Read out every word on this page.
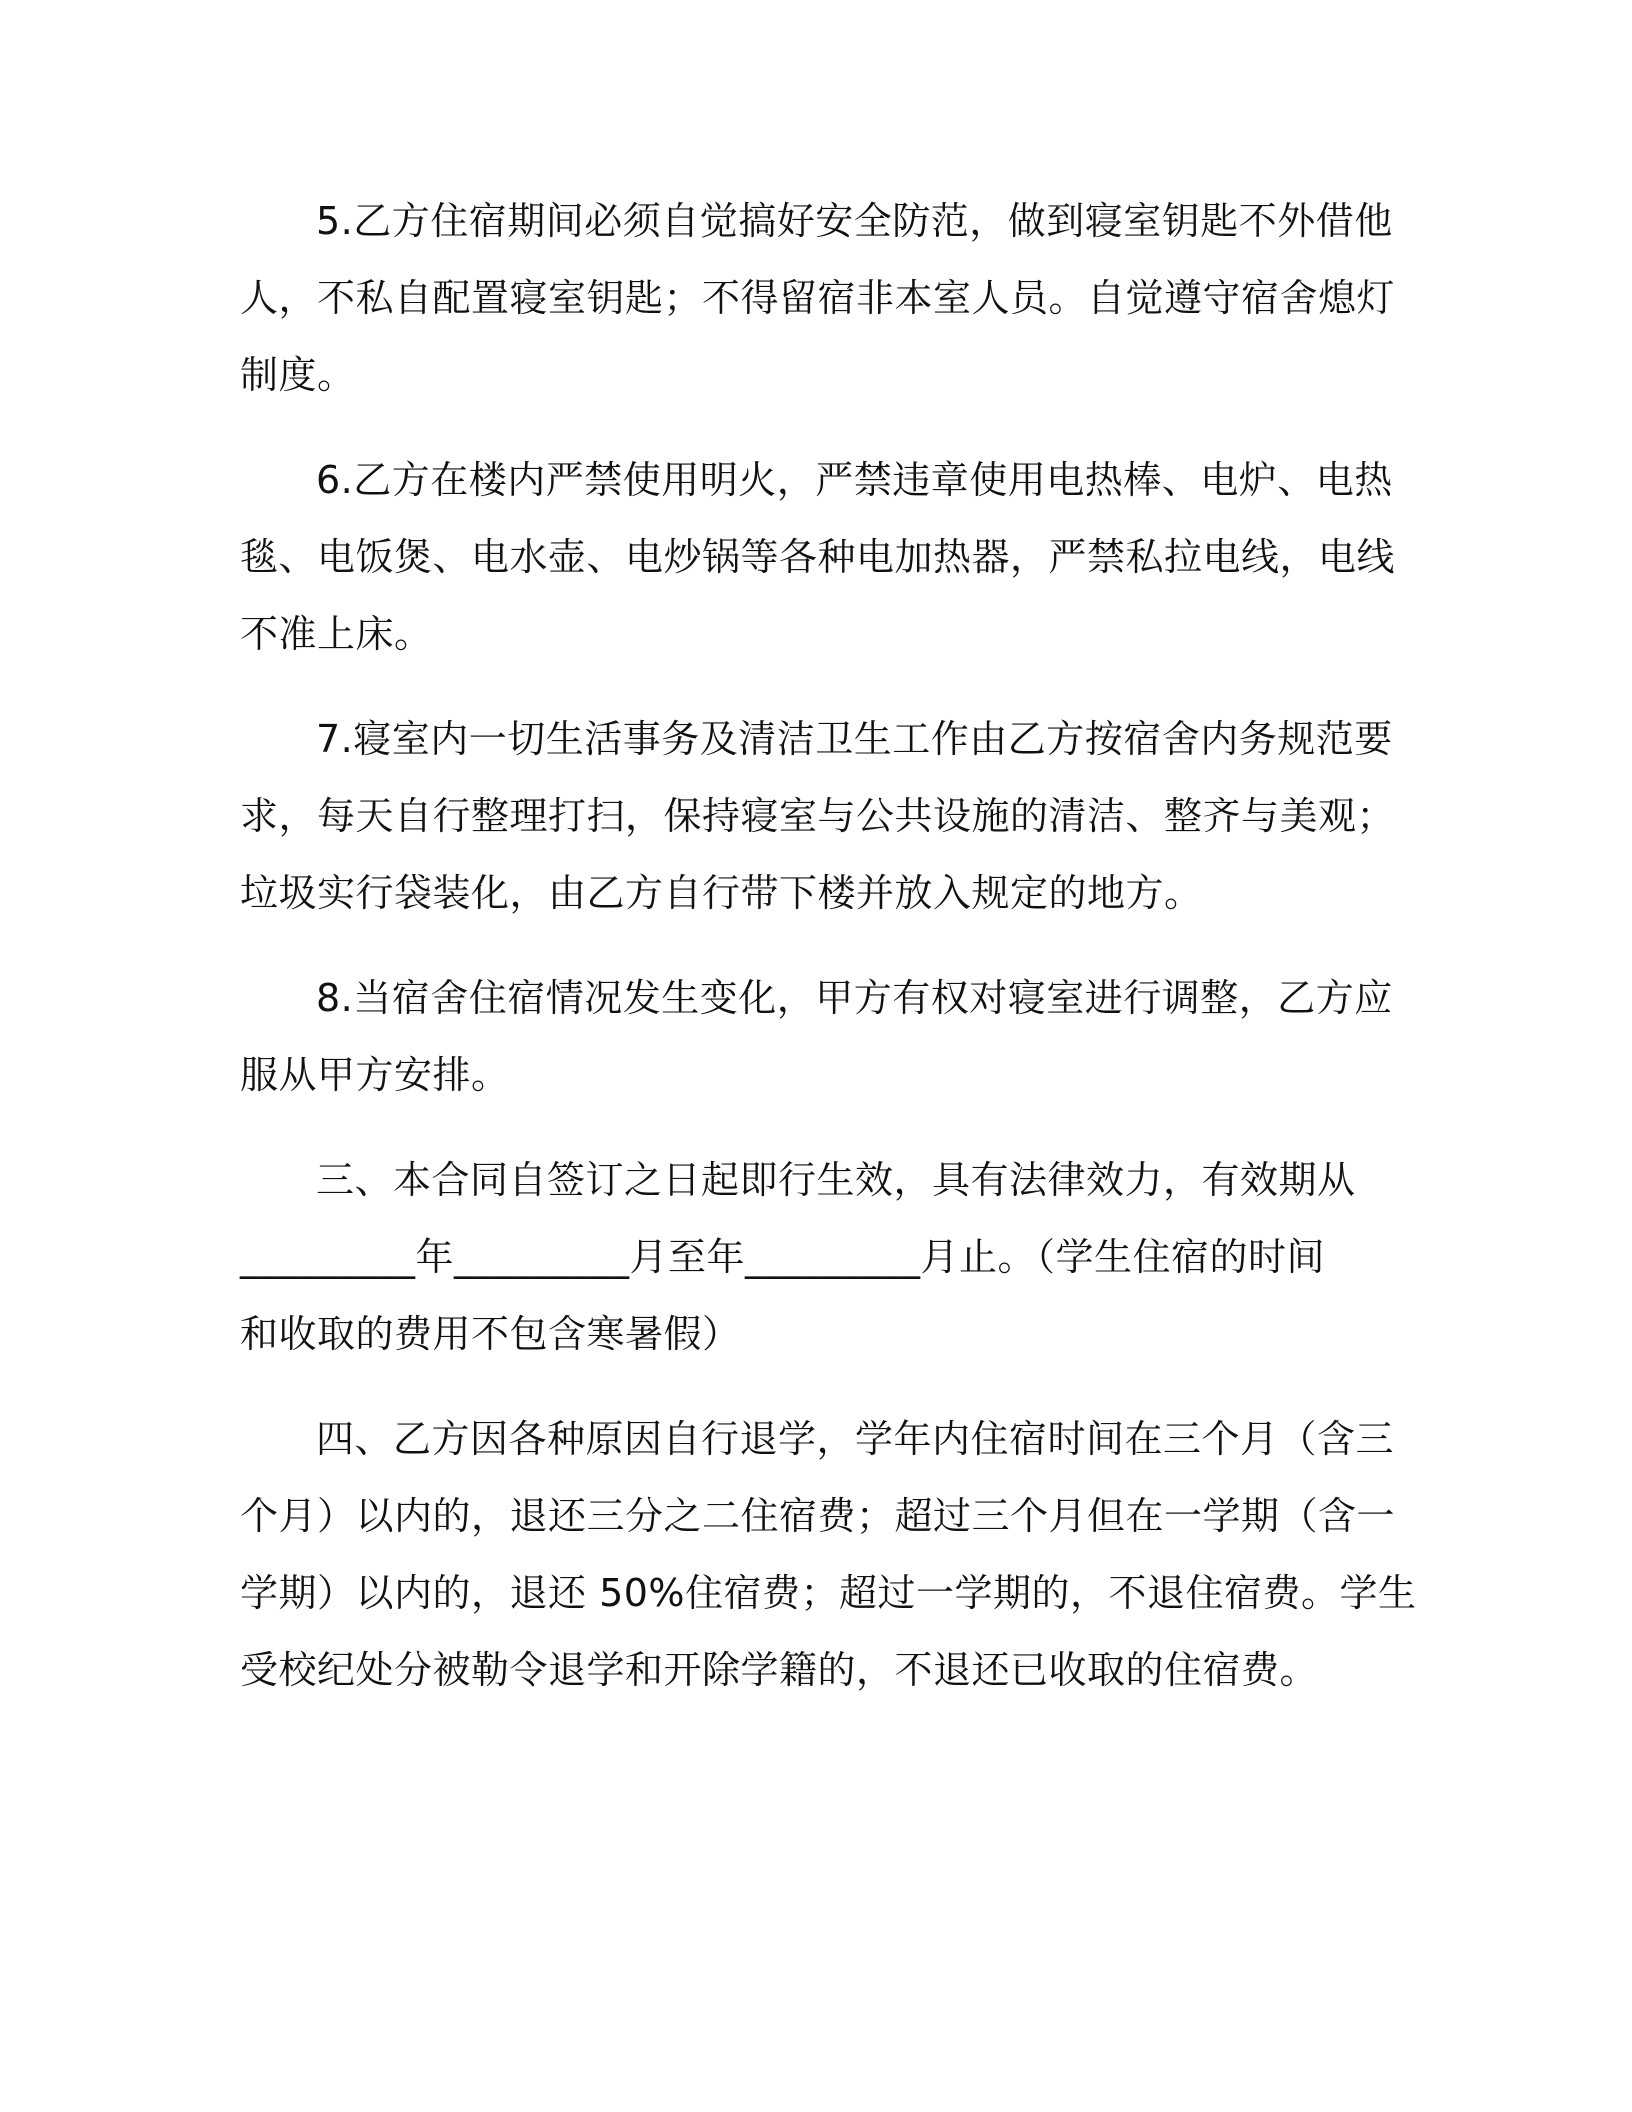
5.乙方住宿期间必须自觉搞好安全防范，做到寝室钥匙不外借他
人，不私自配置寝室钥匙；不得留宿非本室人员。自觉遵守宿舍熄灯
制度。
6.乙方在楼内严禁使用明火，严禁违章使用电热棒、电炉、电热
毯、电饭煲、电水壶、电炒锅等各种电加热器，严禁私拉电线，电线
不准上床。
7.寝室内一切生活事务及清洁卫生工作由乙方按宿舍内务规范要
求，每天自行整理打扫，保持寝室与公共设施的清洁、整齐与美观；
垃圾实行袋装化，由乙方自行带下楼并放入规定的地方。
8.当宿舍住宿情况发生变化，甲方有权对寝室进行调整，乙方应
服从甲方安排。
三、本合同自签订之日起即行生效，具有法律效力，有效期从
_________年_________月至年_________月止。（学生住宿的时间
和收取的费用不包含寒暑假）
四、乙方因各种原因自行退学，学年内住宿时间在三个月（含三
个月）以内的，退还三分之二住宿费；超过三个月但在一学期（含一
学期）以内的，退还 50%住宿费；超过一学期的，不退住宿费。学生
受校纪处分被勒令退学和开除学籍的，不退还已收取的住宿费。
